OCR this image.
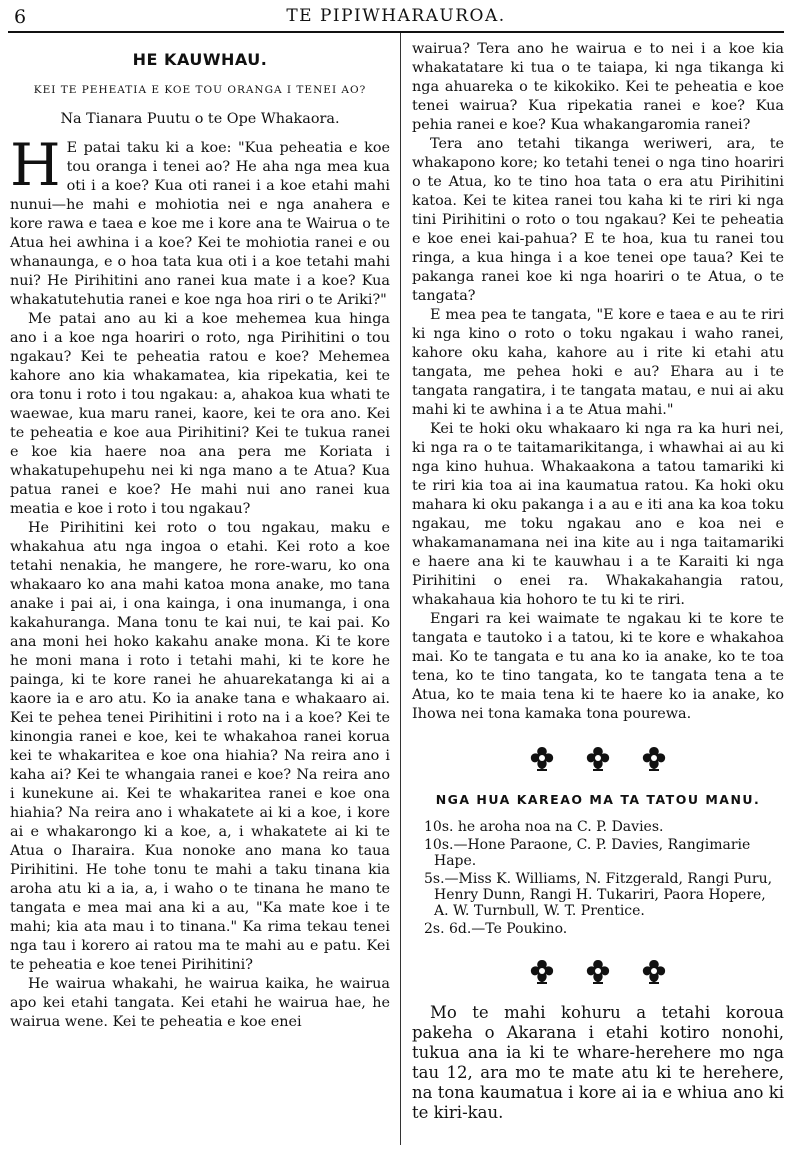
6	TE PIPIWHARAUROA.
HE KAUWHAU.
KEI TE PEHEATIA E KOE TOU ORANGA I TENEI AO?
Na Tianara Puutu o te Ope Whakaora.

H E patai taku ki a koe: "Kua peheatia e koe tou oranga i tenei ao? He aha nga mea kua oti i a koe? Kua oti ranei i a koe etahi mahi nunui—he mahi e mohiotia nei e nga anahera e kore rawa e taea e koe me i kore ana te Wairua o te Atua hei awhina i a koe? Kei te mohiotia ranei e ou whanaunga, e o hoa tata kua oti i a koe tetahi mahi nui? He Pirihitini ano ranei kua mate i a koe? Kua whakatutehutia ranei e koe nga hoa riri o te Ariki?"

Me patai ano au ki a koe mehemea kua hinga ano i a koe nga hoariri o roto, nga Pirihitini o tou ngakau? Kei te peheatia ratou e koe? Mehemea kahore ano kia whakamatea, kia ripekatia, kei te ora tonu i roto i tou ngakau: a, ahakoa kua whati te waewae, kua maru ranei, kaore, kei te ora ano. Kei te peheatia e koe aua Pirihitini? Kei te tukua ranei e koe kia haere noa ana pera me Koriata i whakatupehupehu nei ki nga mano a te Atua? Kua patua ranei e koe? He mahi nui ano ranei kua meatia e koe i roto i tou ngakau?

He Pirihitini kei roto o tou ngakau, maku e whakahua atu nga ingoa o etahi. Kei roto a koe tetahi nenakia, he mangere, he rore-waru, ko ona whakaaro ko ana mahi katoa mona anake, mo tana anake i pai ai, i ona kainga, i ona inumanga, i ona kakahuranga. Mana tonu te kai nui, te kai pai. Ko ana moni hei hoko kakahu anake mona. Ki te kore he moni mana i roto i tetahi mahi, ki te kore he painga, ki te kore ranei he ahuarekatanga ki ai a kaore ia e aro atu. Ko ia anake tana e whakaaro ai. Kei te pehea tenei Pirihitini i roto na i a koe? Kei te kinongia ranei e koe, kei te whakahoa ranei korua kei te whakaritea e koe ona hiahia? Na reira ano i kaha ai? Kei te whangaia ranei e koe? Na reira ano i kunekune ai. Kei te whakaritea ranei e koe ona hiahia? Na reira ano i whakatete ai ki a koe, i kore ai e whakarongo ki a koe, a, i whakatete ai ki te Atua o Iharaira. Kua nonoke ano mana ko taua Pirihitini. He tohe tonu te mahi a taku tinana kia aroha atu ki a ia, a, i waho o te tinana he mano te tangata e mea mai ana ki a au, "Ka mate koe i te mahi; kia ata mau i to tinana." Ka rima tekau tenei nga tau i korero ai ratou ma te mahi au e patu. Kei te peheatia e koe tenei Pirihitini?

He wairua whakahi, he wairua kaika, he wairua apo kei etahi tangata. Kei etahi he wairua hae, he wairua wene. Kei te peheatia e koe enei

wairua? Tera ano he wairua e to nei i a koe kia whakatatare ki tua o te taiapa, ki nga tikanga ki nga ahuareka o te kikokiko. Kei te peheatia e koe tenei wairua? Kua ripekatia ranei e koe? Kua pehia ranei e koe? Kua whakangaromia ranei?

Tera ano tetahi tikanga weriweri, ara, te whakapono kore; ko tetahi tenei o nga tino hoariri o te Atua, ko te tino hoa tata o era atu Pirihitini katoa. Kei te kitea ranei tou kaha ki te riri ki nga tini Pirihitini o roto o tou ngakau? Kei te peheatia e koe enei kai-pahua? E te hoa, kua tu ranei tou ringa, a kua hinga i a koe tenei ope taua? Kei te pakanga ranei koe ki nga hoariri o te Atua, o te tangata?

E mea pea te tangata, "E kore e taea e au te riri ki nga kino o roto o toku ngakau i waho ranei, kahore oku kaha, kahore au i rite ki etahi atu tangata, me pehea hoki e au? Ehara au i te tangata rangatira, i te tangata matau, e nui ai aku mahi ki te awhina i a te Atua mahi."

Kei te hoki oku whakaaro ki nga ra ka huri nei, ki nga ra o te taitamarikitanga, i whawhai ai au ki nga kino huhua. Whakaakona a tatou tamariki ki te riri kia toa ai ina kaumatua ratou. Ka hoki oku mahara ki oku pakanga i a au e iti ana ka koa toku ngakau, me toku ngakau ano e koa nei e whakamanamana nei ina kite au i nga taitamariki e haere ana ki te kauwhau i a te Karaiti ki nga Pirihitini o enei ra. Whakakahangia ratou, whakahaua kia hohoro te tu ki te riri.

Engari ra kei waimate te ngakau ki te kore te tangata e tautoko i a tatou, ki te kore e whakahoa mai. Ko te tangata e tu ana ko ia anake, ko te toa tena, ko te tino tangata, ko te tangata tena a te Atua, ko te maia tena ki te haere ko ia anake, ko Ihowa nei tona kamaka tona pourewa.

NGA HUA KAREAO MA TA TATOU MANU.
10s. he aroha noa na C. P. Davies.
10s.—Hone Paraone, C. P. Davies, Rangimarie Hape.
5s.—Miss K. Williams, N. Fitzgerald, Rangi Puru, Henry Dunn, Rangi H. Tukariri, Paora Hopere, A. W. Turnbull, W. T. Prentice.
2s. 6d.—Te Poukino.

Mo te mahi kohuru a tetahi koroua pakeha o Akarana i etahi kotiro nonohi, tukua ana ia ki te whare-herehere mo nga tau 12, ara mo te mate atu ki te herehere, na tona kaumatua i kore ai ia e whiua ano ki te kiri-kau.
